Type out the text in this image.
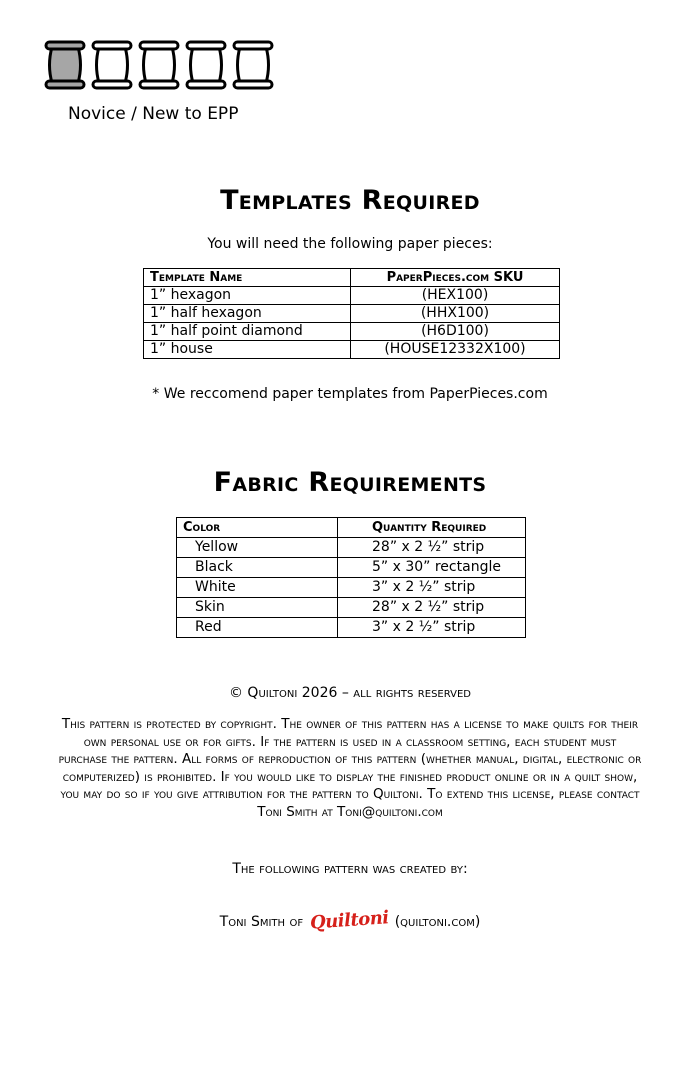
Novice / New to EPP
Templates Required
You will need the following paper pieces:
Template Name	PaperPieces.com SKU
1” hexagon	(HEX100)
1” half hexagon	(HHX100)
1” half point diamond	(H6D100)
1” house	(HOUSE12332X100)
* We reccomend paper templates from PaperPieces.com
Fabric Requirements
Color	Quantity Required
Yellow	28” x 2 ½” strip
Black	5” x 30” rectangle
White	3” x 2 ½” strip
Skin	28” x 2 ½” strip
Red	3” x 2 ½” strip
© Quiltoni 2026 – all rights reserved
This pattern is protected by copyright. The owner of this pattern has a license to make quilts for their own personal use or for gifts. If the pattern is used in a classroom setting, each student must purchase the pattern. All forms of reproduction of this pattern (whether manual, digital, electronic or computerized) is prohibited. If you would like to display the finished product online or in a quilt show, you may do so if you give attribution for the pattern to Quiltoni. To extend this license, please contact Toni Smith at Toni@quiltoni.com
The following pattern was created by:
Toni Smith of Quiltoni (quiltoni.com)
